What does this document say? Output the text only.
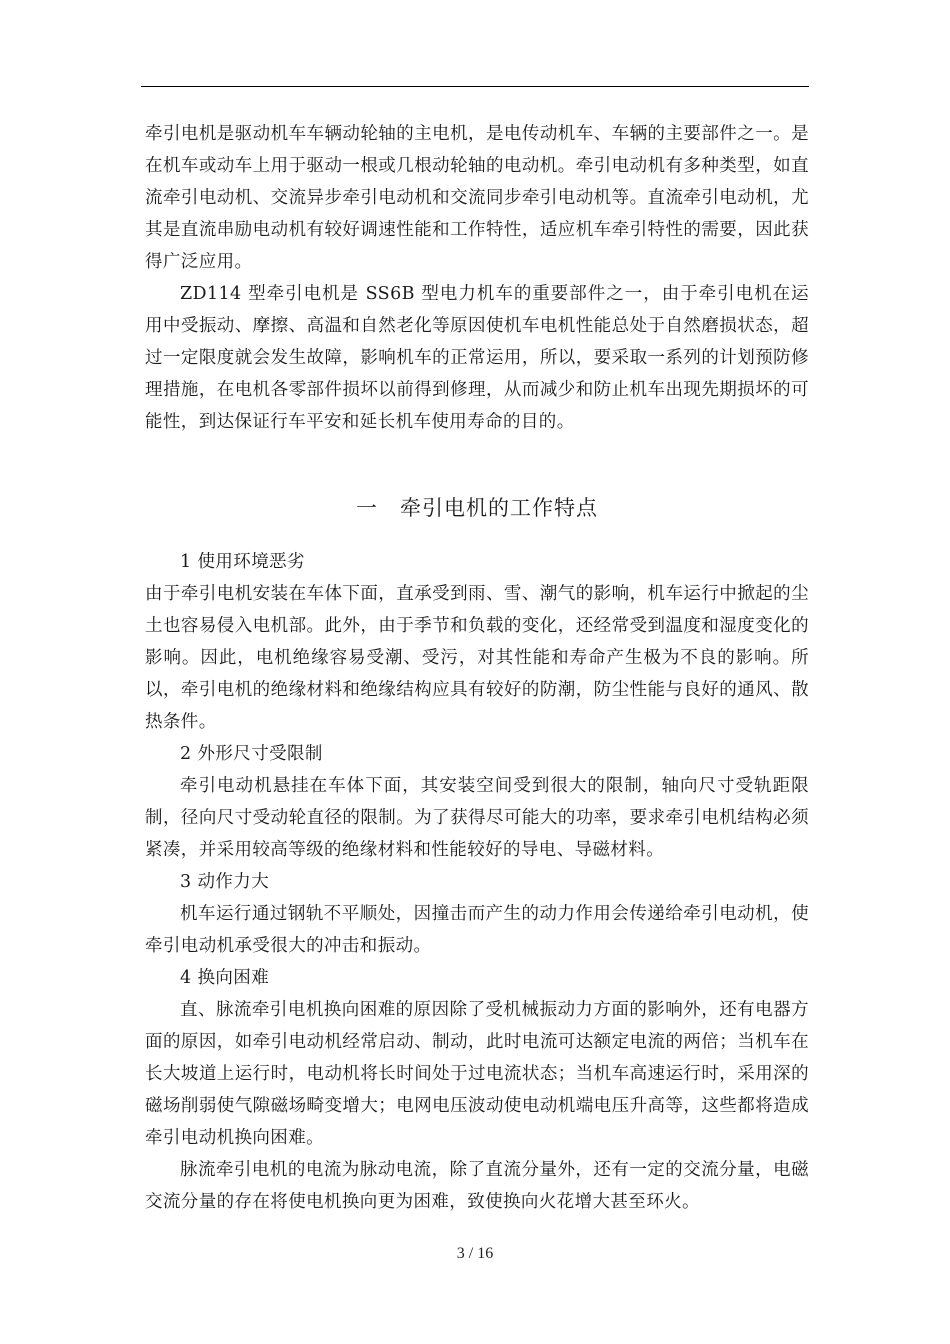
牵引电机是驱动机车车辆动轮轴的主电机，是电传动机车、车辆的主要部件之一。是在机车或动车上用于驱动一根或几根动轮轴的电动机。牵引电动机有多种类型，如直流牵引电动机、交流异步牵引电动机和交流同步牵引电动机等。直流牵引电动机，尤其是直流串励电动机有较好调速性能和工作特性，适应机车牵引特性的需要，因此获得广泛应用。

ZD114 型牵引电机是 SS6B 型电力机车的重要部件之一，由于牵引电机在运用中受振动、摩擦、高温和自然老化等原因使机车电机性能总处于自然磨损状态，超过一定限度就会发生故障，影响机车的正常运用，所以，要采取一系列的计划预防修理措施，在电机各零部件损坏以前得到修理，从而减少和防止机车出现先期损坏的可能性，到达保证行车平安和延长机车使用寿命的目的。

一 牵引电机的工作特点

1 使用环境恶劣

由于牵引电机安装在车体下面，直承受到雨、雪、潮气的影响，机车运行中掀起的尘土也容易侵入电机部。此外，由于季节和负载的变化，还经常受到温度和湿度变化的影响。因此，电机绝缘容易受潮、受污，对其性能和寿命产生极为不良的影响。所以，牵引电机的绝缘材料和绝缘结构应具有较好的防潮，防尘性能与良好的通风、散热条件。

2 外形尺寸受限制

牵引电动机悬挂在车体下面，其安装空间受到很大的限制，轴向尺寸受轨距限制，径向尺寸受动轮直径的限制。为了获得尽可能大的功率，要求牵引电机结构必须紧凑，并采用较高等级的绝缘材料和性能较好的导电、导磁材料。

3 动作力大

机车运行通过钢轨不平顺处，因撞击而产生的动力作用会传递给牵引电动机，使牵引电动机承受很大的冲击和振动。

4 换向困难

直、脉流牵引电机换向困难的原因除了受机械振动力方面的影响外，还有电器方面的原因，如牵引电动机经常启动、制动，此时电流可达额定电流的两倍；当机车在长大坡道上运行时，电动机将长时间处于过电流状态；当机车高速运行时，采用深的磁场削弱使气隙磁场畸变增大；电网电压波动使电动机端电压升高等，这些都将造成牵引电动机换向困难。

脉流牵引电机的电流为脉动电流，除了直流分量外，还有一定的交流分量，电磁交流分量的存在将使电机换向更为困难，致使换向火花增大甚至环火。

3 / 16
